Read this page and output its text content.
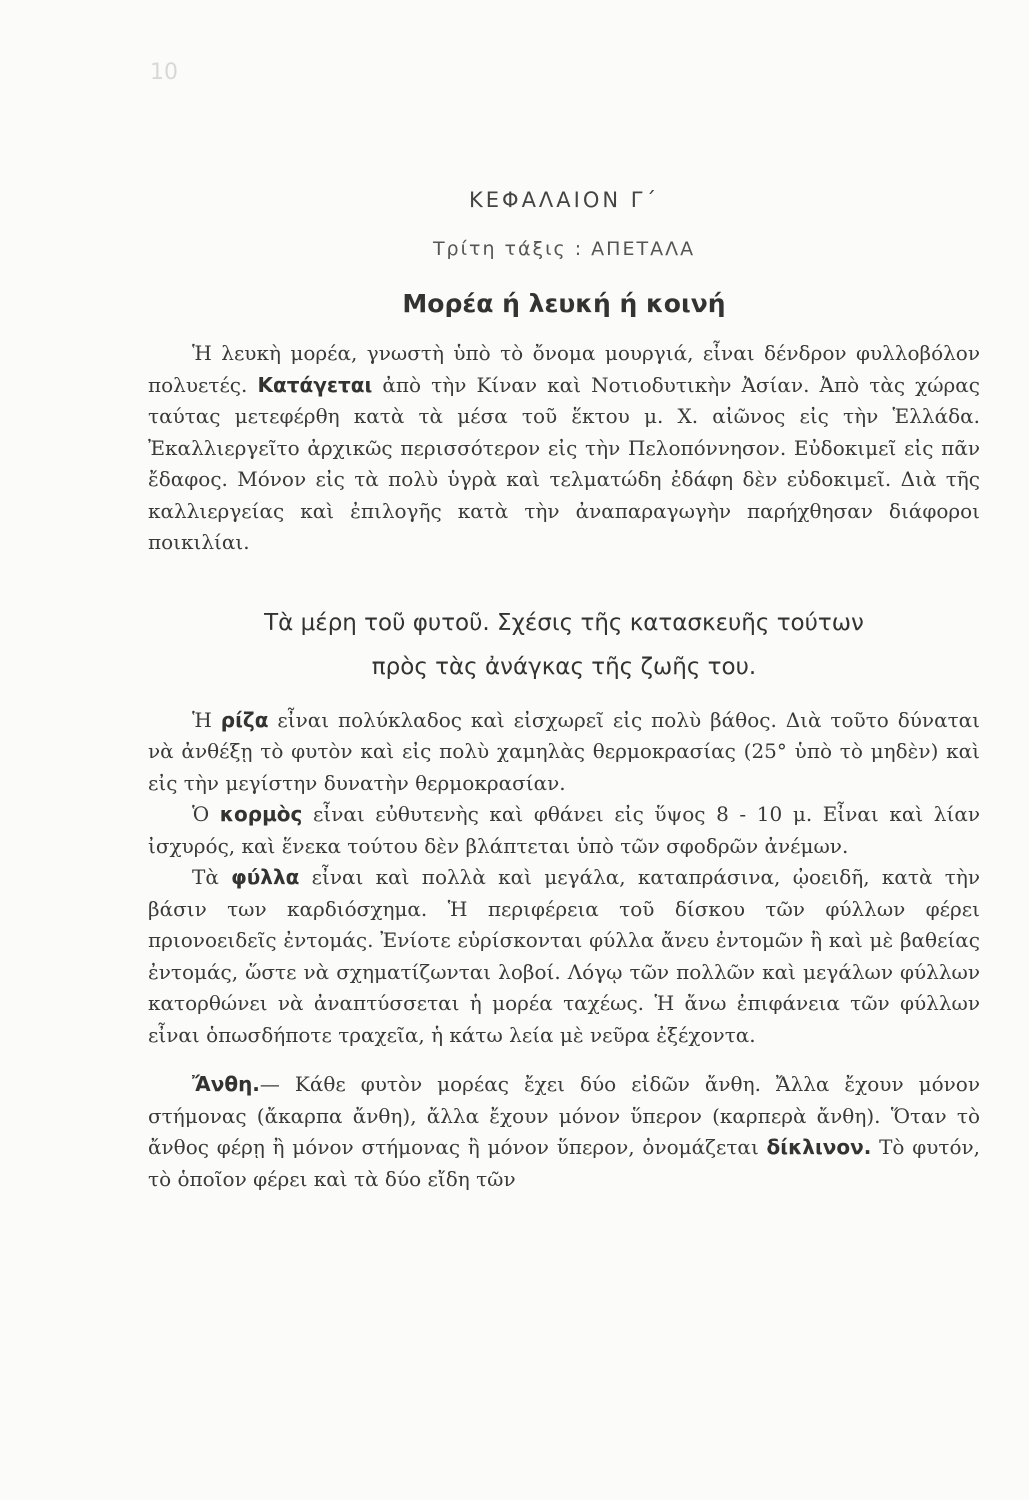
10
ΚΕΦΑΛΑΙΟΝ Γ΄
Τρίτη τάξις : ΑΠΕΤΑΛΑ
Μορέα ή λευκή ή κοινή

Ἡ λευκὴ μορέα, γνωστὴ ὑπὸ τὸ ὄνομα μουργιά, εἶναι δένδρον φυλλοβόλον πολυετές. Κατάγεται ἀπὸ τὴν Κίναν καὶ Νοτιοδυτικὴν Ἀσίαν. Ἀπὸ τὰς χώρας ταύτας μετεφέρθη κατὰ τὰ μέσα τοῦ ἕκτου μ. Χ. αἰῶνος εἰς τὴν Ἑλλάδα. Ἐκαλλιεργεῖτο ἀρχικῶς περισσότερον εἰς τὴν Πελοπόννησον. Εὐδοκιμεῖ εἰς πᾶν ἔδαφος. Μόνον εἰς τὰ πολὺ ὑγρὰ καὶ τελματώδη ἐδάφη δὲν εὐδοκιμεῖ. Διὰ τῆς καλλιεργείας καὶ ἐπιλογῆς κατὰ τὴν ἀναπαραγωγὴν παρήχθησαν διάφοροι ποικιλίαι.

Τὰ μέρη τοῦ φυτοῦ. Σχέσις τῆς κατασκευῆς τούτων
πρὸς τὰς ἀνάγκας τῆς ζωῆς του.

Ἡ ρίζα εἶναι πολύκλαδος καὶ εἰσχωρεῖ εἰς πολὺ βάθος. Διὰ τοῦτο δύναται νὰ ἀνθέξῃ τὸ φυτὸν καὶ εἰς πολὺ χαμηλὰς θερμοκρασίας (25° ὑπὸ τὸ μηδὲν) καὶ εἰς τὴν μεγίστην δυνατὴν θερμοκρασίαν.

Ὁ κορμὸς εἶναι εὐθυτενὴς καὶ φθάνει εἰς ὕψος 8 - 10 μ. Εἶναι καὶ λίαν ἰσχυρός, καὶ ἕνεκα τούτου δὲν βλάπτεται ὑπὸ τῶν σφοδρῶν ἀνέμων.

Τὰ φύλλα εἶναι καὶ πολλὰ καὶ μεγάλα, καταπράσινα, ᾠοειδῆ, κατὰ τὴν βάσιν των καρδιόσχημα. Ἡ περιφέρεια τοῦ δίσκου τῶν φύλλων φέρει πριονοειδεῖς ἐντομάς. Ἐνίοτε εὑρίσκονται φύλλα ἄνευ ἐντομῶν ἢ καὶ μὲ βαθείας ἐντομάς, ὥστε νὰ σχηματίζωνται λοβοί. Λόγῳ τῶν πολλῶν καὶ μεγάλων φύλλων κατορθώνει νὰ ἀναπτύσσεται ἡ μορέα ταχέως. Ἡ ἄνω ἐπιφάνεια τῶν φύλλων εἶναι ὁπωσδήποτε τραχεῖα, ἡ κάτω λεία μὲ νεῦρα ἐξέχοντα.

Ἄνθη.— Κάθε φυτὸν μορέας ἔχει δύο εἰδῶν ἄνθη. Ἄλλα ἔχουν μόνον στήμονας (ἄκαρπα ἄνθη), ἄλλα ἔχουν μόνον ὕπερον (καρπερὰ ἄνθη). Ὅταν τὸ ἄνθος φέρῃ ἢ μόνον στήμονας ἢ μόνον ὕπερον, ὀνομάζεται δίκλινον. Τὸ φυτόν, τὸ ὁποῖον φέρει καὶ τὰ δύο εἴδη τῶν
